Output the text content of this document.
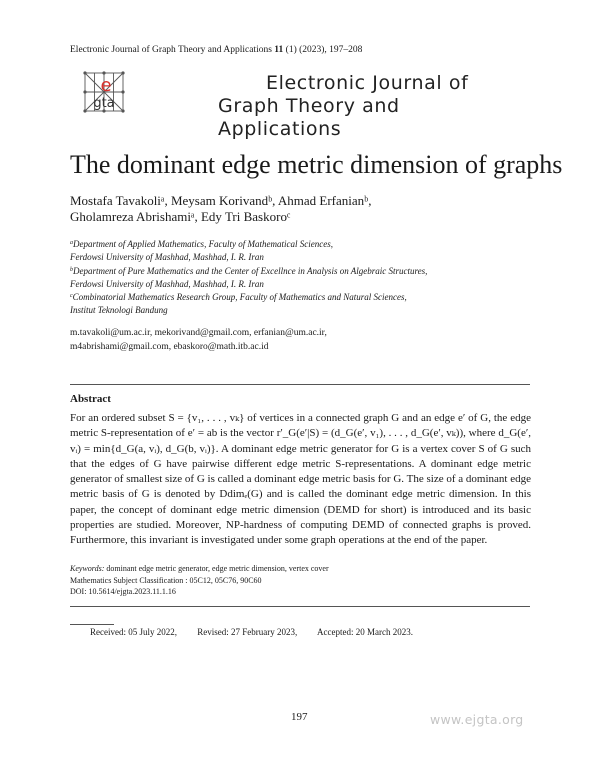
Electronic Journal of Graph Theory and Applications 11 (1) (2023), 197–208
e
gta
Electronic Journal of
Graph Theory and Applications
The dominant edge metric dimension of graphs
Mostafa Tavakoliᵃ, Meysam Korivandᵇ, Ahmad Erfanianᵇ,
Gholamreza Abrishamiᵃ, Edy Tri Baskoroᶜ
$^a$Department of Applied Mathematics, Faculty of Mathematical Sciences,
Ferdowsi University of Mashhad, Mashhad, I. R. Iran
$^b$Department of Pure Mathematics and the Center of Excellnce in Analysis on Algebraic Structures,
Ferdowsi University of Mashhad, Mashhad, I. R. Iran
$^c$Combinatorial Mathematics Research Group, Faculty of Mathematics and Natural Sciences,
Institut Teknologi Bandung
m.tavakoli@um.ac.ir, mekorivand@gmail.com, erfanian@um.ac.ir,
m4abrishami@gmail.com, ebaskoro@math.itb.ac.id
Abstract
For an ordered subset S = {v₁, . . . , vₖ} of vertices in a connected graph G and an edge e′ of G, the edge metric S-representation of e′ = ab is the vector r′_G(e′|S) = (d_G(e′, v₁), . . . , d_G(e′, vₖ)), where d_G(e′, vᵢ) = min{d_G(a, vᵢ), d_G(b, vᵢ)}. A dominant edge metric generator for G is a vertex cover S of G such that the edges of G have pairwise different edge metric S-representations. A dominant edge metric generator of smallest size of G is called a dominant edge metric basis for G. The size of a dominant edge metric basis of G is denoted by Ddimₑ(G) and is called the dominant edge metric dimension. In this paper, the concept of dominant edge metric dimension (DEMD for short) is introduced and its basic properties are studied. Moreover, NP-hardness of computing DEMD of connected graphs is proved. Furthermore, this invariant is investigated under some graph operations at the end of the paper.
Keywords: dominant edge metric generator, edge metric dimension, vertex cover
Mathematics Subject Classification : 05C12, 05C76, 90C60
DOI: 10.5614/ejgta.2023.11.1.16
Received: 05 July 2022, Revised: 27 February 2023, Accepted: 20 March 2023.
197	www.ejgta.org
